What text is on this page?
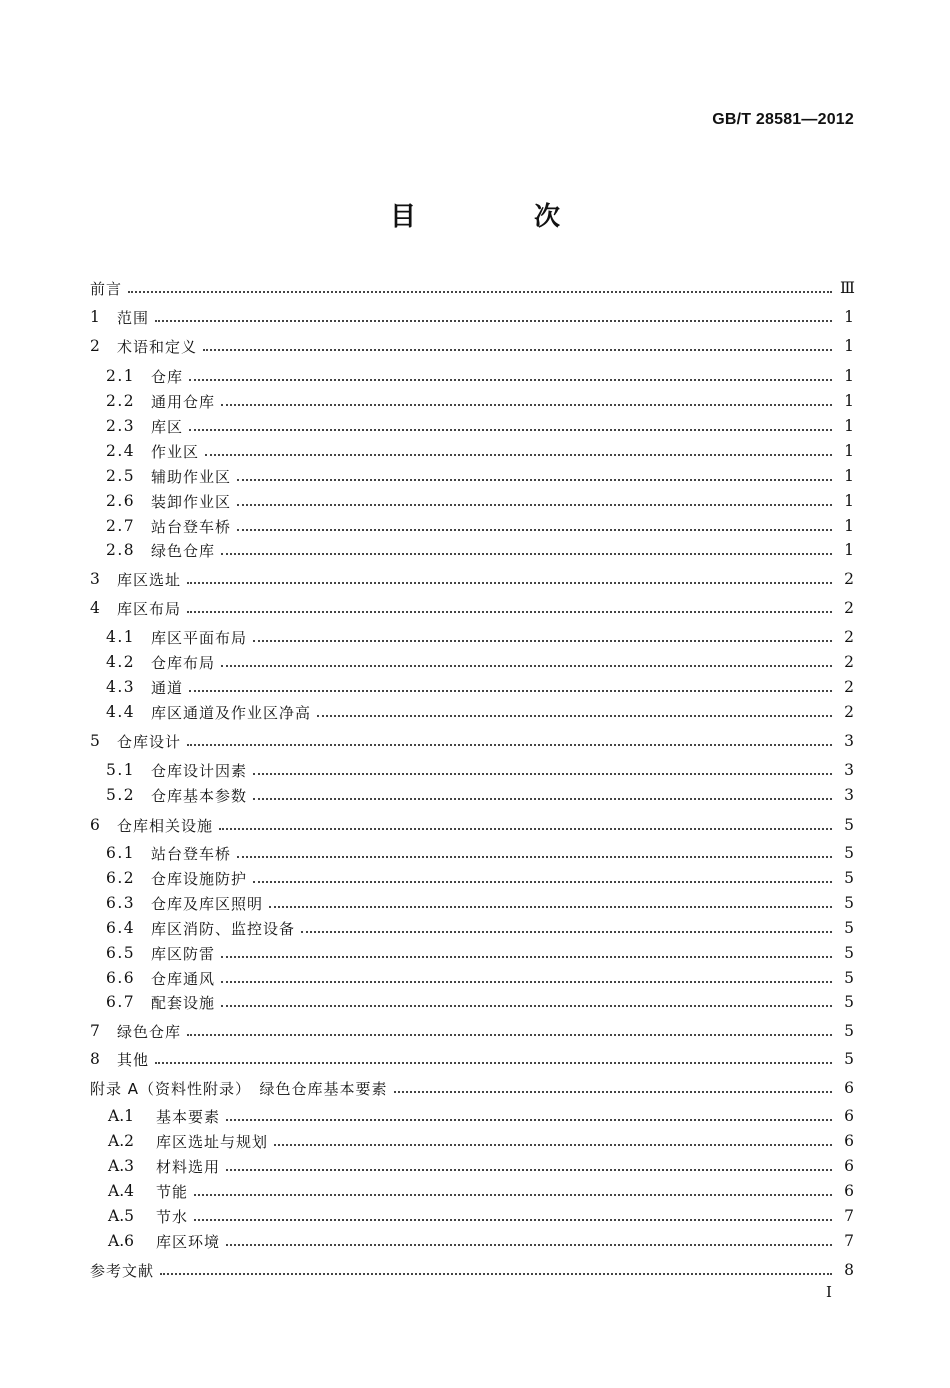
GB/T 28581—2012
目　次
前言	Ⅲ
1	范围	1
2	术语和定义	1
2.1	仓库	1
2.2	通用仓库	1
2.3	库区	1
2.4	作业区	1
2.5	辅助作业区	1
2.6	装卸作业区	1
2.7	站台登车桥	1
2.8	绿色仓库	1
3	库区选址	2
4	库区布局	2
4.1	库区平面布局	2
4.2	仓库布局	2
4.3	通道	2
4.4	库区通道及作业区净高	2
5	仓库设计	3
5.1	仓库设计因素	3
5.2	仓库基本参数	3
6	仓库相关设施	5
6.1	站台登车桥	5
6.2	仓库设施防护	5
6.3	仓库及库区照明	5
6.4	库区消防、监控设备	5
6.5	库区防雷	5
6.6	仓库通风	5
6.7	配套设施	5
7	绿色仓库	5
8	其他	5
附录 A（资料性附录）　绿色仓库基本要素	6
A.1	基本要素	6
A.2	库区选址与规划	6
A.3	材料选用	6
A.4	节能	6
A.5	节水	7
A.6	库区环境	7
参考文献	8
I
